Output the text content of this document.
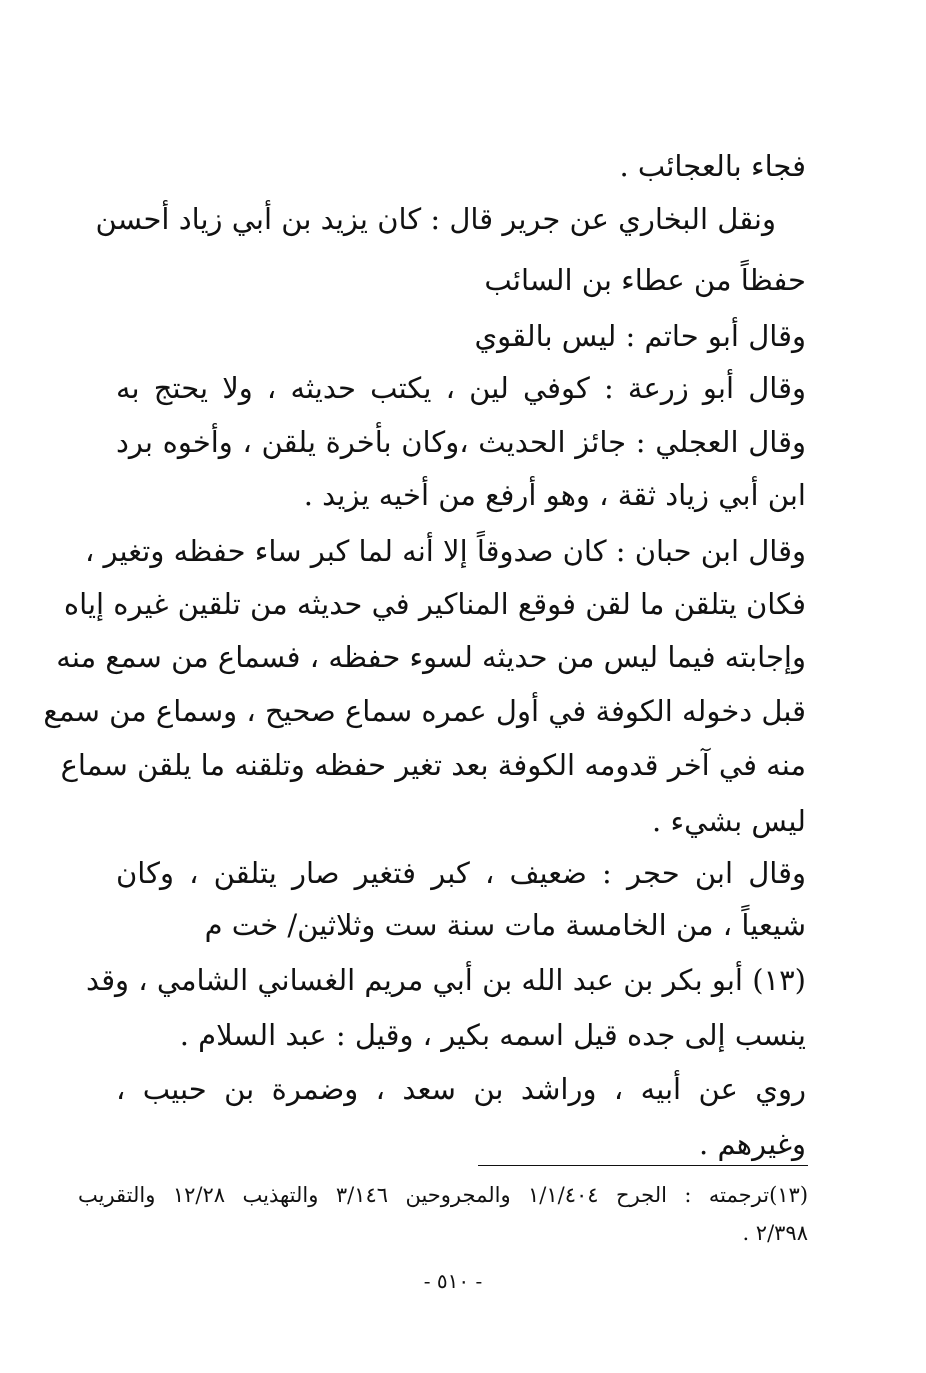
فجاء بالعجائب .
ونقل البخاري عن جرير قال : كان يزيد بن أبي زياد أحسن
حفظاً من عطاء بن السائب
وقال أبو حاتم : ليس بالقوي
وقال أبو زرعة : كوفي لين ، يكتب حديثه ، ولا يحتج به
وقال العجلي : جائز الحديث ،وكان بأخرة يلقن ، وأخوه برد
ابن أبي زياد ثقة ، وهو أرفع من أخيه يزيد .
وقال ابن حبان : كان صدوقاً إلا أنه لما كبر ساء حفظه وتغير ،
فكان يتلقن ما لقن فوقع المناكير في حديثه من تلقين غيره إياه
وإجابته فيما ليس من حديثه لسوء حفظه ، فسماع من سمع منه
قبل دخوله الكوفة في أول عمره سماع صحيح ، وسماع من سمع
منه في آخر قدومه الكوفة بعد تغير حفظه وتلقنه ما يلقن سماع
ليس بشيء .
وقال ابن حجر : ضعيف ، كبر فتغير صار يتلقن ، وكان
شيعياً ، من الخامسة مات سنة ست وثلاثين/ خت م
(١٣) أبو بكر بن عبد الله بن أبي مريم الغساني الشامي ، وقد
ينسب إلى جده قيل اسمه بكير ، وقيل : عبد السلام .
روي عن أبيه ، وراشد بن سعد ، وضمرة بن حبيب ،
وغيرهم .
(١٣)ترجمته : الجرح ١/١/٤٠٤ والمجروحين ٣/١٤٦ والتهذيب ١٢/٢٨ والتقريب
٢/٣٩٨ .
- ٥١٠ -
